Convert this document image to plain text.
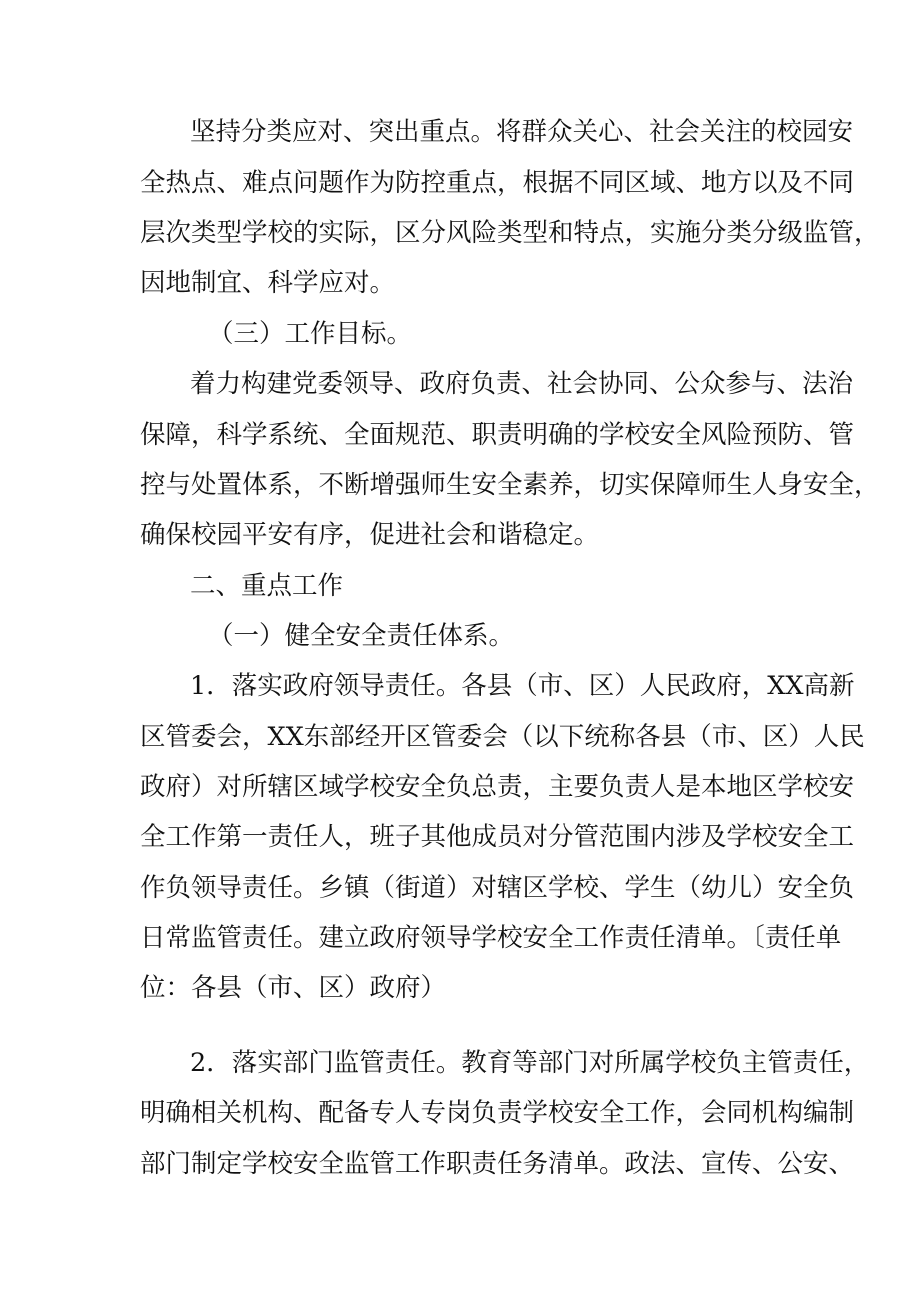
坚持分类应对、突出重点。将群众关心、社会关注的校园安
全热点、难点问题作为防控重点，根据不同区域、地方以及不同
层次类型学校的实际，区分风险类型和特点，实施分类分级监管，
因地制宜、科学应对。
（三）工作目标。
着力构建党委领导、政府负责、社会协同、公众参与、法治
保障，科学系统、全面规范、职责明确的学校安全风险预防、管
控与处置体系，不断增强师生安全素养，切实保障师生人身安全，
确保校园平安有序，促进社会和谐稳定。
二、重点工作
（一）健全安全责任体系。
1．落实政府领导责任。各县（市、区）人民政府，XX高新
区管委会，XX东部经开区管委会（以下统称各县（市、区）人民
政府）对所辖区域学校安全负总责，主要负责人是本地区学校安
全工作第一责任人，班子其他成员对分管范围内涉及学校安全工
作负领导责任。乡镇（街道）对辖区学校、学生（幼儿）安全负
日常监管责任。建立政府领导学校安全工作责任清单。〔责任单
位：各县（市、区）政府）
2．落实部门监管责任。教育等部门对所属学校负主管责任，
明确相关机构、配备专人专岗负责学校安全工作，会同机构编制
部门制定学校安全监管工作职责任务清单。政法、宣传、公安、
